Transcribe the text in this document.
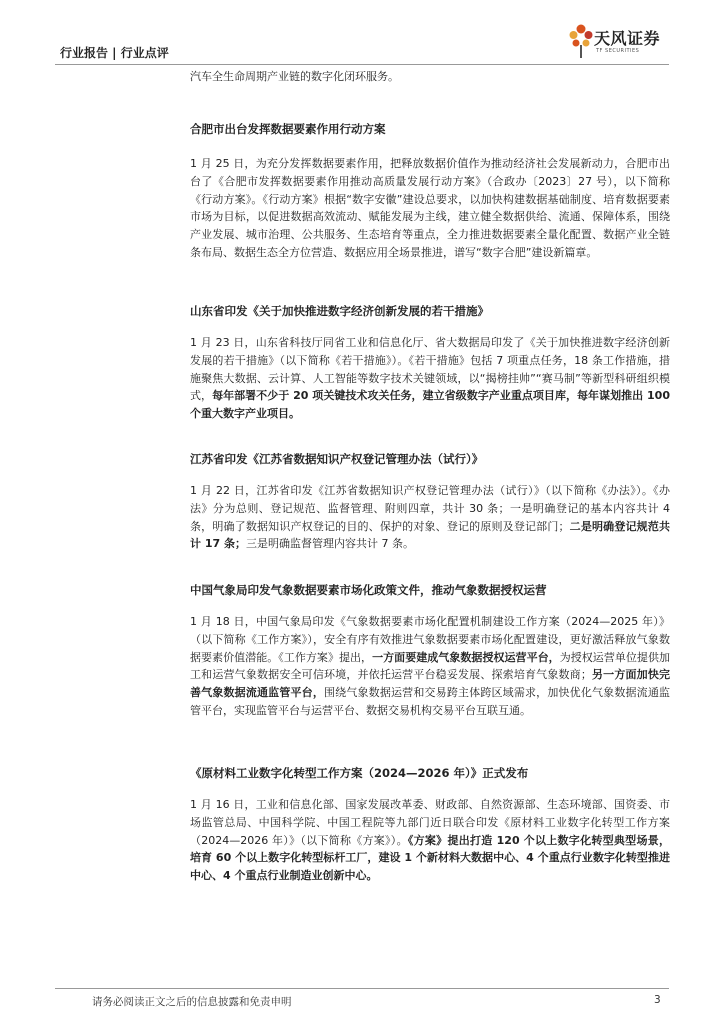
行业报告 | 行业点评
天风证券
TF SECURITIES

汽车全生命周期产业链的数字化闭环服务。

合肥市出台发挥数据要素作用行动方案

1 月 25 日，为充分发挥数据要素作用，把释放数据价值作为推动经济社会发展新动力，合肥市出台了《合肥市发挥数据要素作用推动高质量发展行动方案》（合政办〔2023〕27 号），以下简称《行动方案》。《行动方案》根据“数字安徽”建设总要求，以加快构建数据基础制度、培育数据要素市场为目标，以促进数据高效流动、赋能发展为主线，建立健全数据供给、流通、保障体系，围绕产业发展、城市治理、公共服务、生态培育等重点，全力推进数据要素全量化配置、数据产业全链条布局、数据生态全方位营造、数据应用全场景推进，谱写“数字合肥”建设新篇章。

山东省印发《关于加快推进数字经济创新发展的若干措施》

1 月 23 日，山东省科技厅同省工业和信息化厅、省大数据局印发了《关于加快推进数字经济创新发展的若干措施》（以下简称《若干措施》）。《若干措施》包括 7 项重点任务，18 条工作措施，措施聚焦大数据、云计算、人工智能等数字技术关键领域，以“揭榜挂帅”“赛马制”等新型科研组织模式，每年部署不少于 20 项关键技术攻关任务，建立省级数字产业重点项目库，每年谋划推出 100 个重大数字产业项目。

江苏省印发《江苏省数据知识产权登记管理办法（试行）》

1 月 22 日，江苏省印发《江苏省数据知识产权登记管理办法（试行）》（以下简称《办法》）。《办法》分为总则、登记规范、监督管理、附则四章，共计 30 条；一是明确登记的基本内容共计 4 条，明确了数据知识产权登记的目的、保护的对象、登记的原则及登记部门；二是明确登记规范共计 17 条；三是明确监督管理内容共计 7 条。

中国气象局印发气象数据要素市场化政策文件，推动气象数据授权运营

1 月 18 日，中国气象局印发《气象数据要素市场化配置机制建设工作方案（2024—2025 年）》（以下简称《工作方案》），安全有序有效推进气象数据要素市场化配置建设，更好激活释放气象数据要素价值潜能。《工作方案》提出，一方面要建成气象数据授权运营平台，为授权运营单位提供加工和运营气象数据安全可信环境，并依托运营平台稳妥发展、探索培育气象数商；另一方面加快完善气象数据流通监管平台，围绕气象数据运营和交易跨主体跨区域需求，加快优化气象数据流通监管平台，实现监管平台与运营平台、数据交易机构交易平台互联互通。

《原材料工业数字化转型工作方案（2024—2026 年）》正式发布

1 月 16 日，工业和信息化部、国家发展改革委、财政部、自然资源部、生态环境部、国资委、市场监管总局、中国科学院、中国工程院等九部门近日联合印发《原材料工业数字化转型工作方案（2024—2026 年）》（以下简称《方案》）。《方案》提出打造 120 个以上数字化转型典型场景，培育 60 个以上数字化转型标杆工厂，建设 1 个新材料大数据中心、4 个重点行业数字化转型推进中心、4 个重点行业制造业创新中心。

请务必阅读正文之后的信息披露和免责申明	3
